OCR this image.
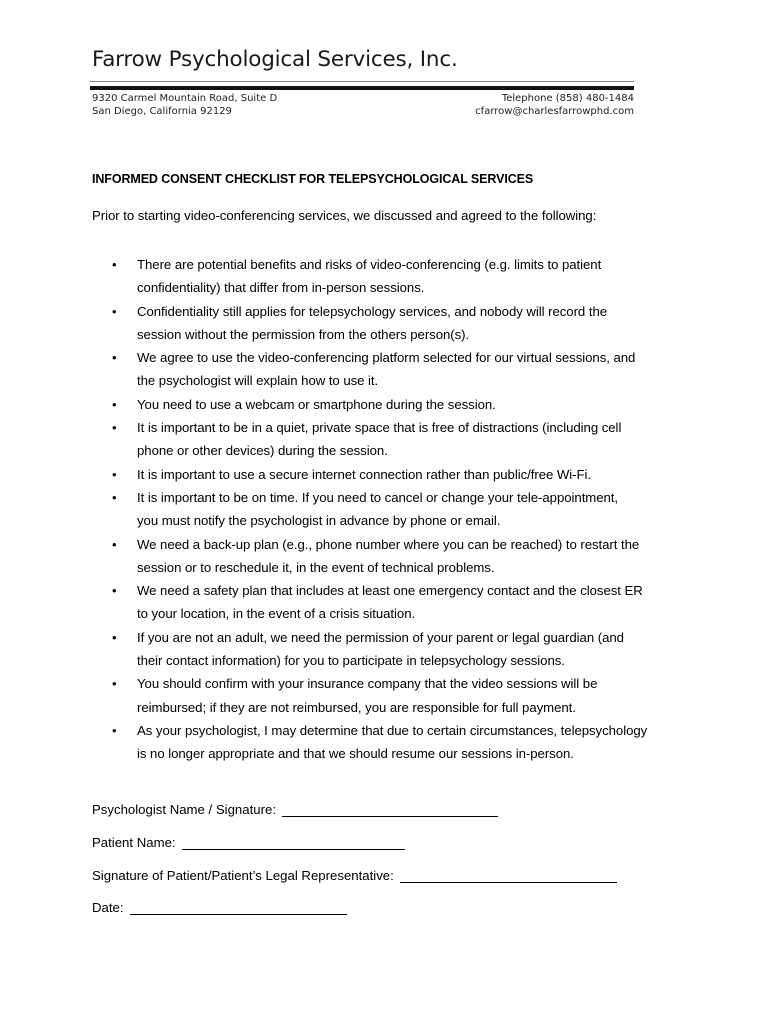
Farrow Psychological Services, Inc.
9320 Carmel Mountain Road, Suite D
San Diego, California 92129
Telephone (858) 480-1484
cfarrow@charlesfarrowphd.com
INFORMED CONSENT CHECKLIST FOR TELEPSYCHOLOGICAL SERVICES
Prior to starting video-conferencing services, we discussed and agreed to the following:
• There are potential benefits and risks of video-conferencing (e.g. limits to patient
confidentiality) that differ from in-person sessions.
• Confidentiality still applies for telepsychology services, and nobody will record the
session without the permission from the others person(s).
• We agree to use the video-conferencing platform selected for our virtual sessions, and
the psychologist will explain how to use it.
• You need to use a webcam or smartphone during the session.
• It is important to be in a quiet, private space that is free of distractions (including cell
phone or other devices) during the session.
• It is important to use a secure internet connection rather than public/free Wi-Fi.
• It is important to be on time. If you need to cancel or change your tele-appointment,
you must notify the psychologist in advance by phone or email.
• We need a back-up plan (e.g., phone number where you can be reached) to restart the
session or to reschedule it, in the event of technical problems.
• We need a safety plan that includes at least one emergency contact and the closest ER
to your location, in the event of a crisis situation.
• If you are not an adult, we need the permission of your parent or legal guardian (and
their contact information) for you to participate in telepsychology sessions.
• You should confirm with your insurance company that the video sessions will be
reimbursed; if they are not reimbursed, you are responsible for full payment.
• As your psychologist, I may determine that due to certain circumstances, telepsychology
is no longer appropriate and that we should resume our sessions in-person.
Psychologist Name / Signature:
Patient Name:
Signature of Patient/Patient’s Legal Representative:
Date:
